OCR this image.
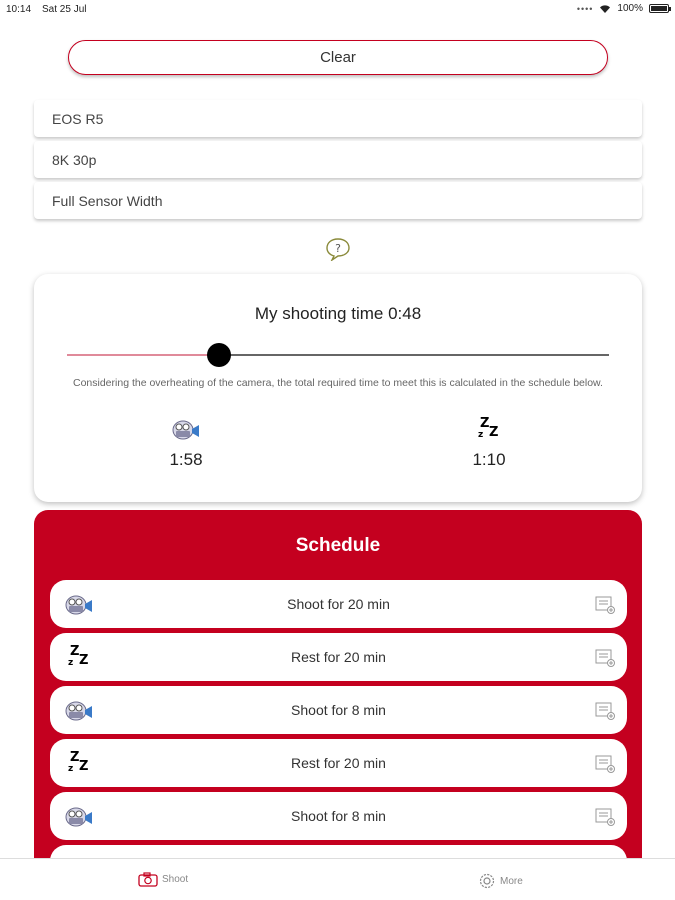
10:14 Sat 25 Jul	•••• 100%
Clear
EOS R5
8K 30p
Full Sensor Width
?
My shooting time 0:48
Considering the overheating of the camera, the total required time to meet this is calculated in the schedule below.
1:58
Z
z Z
1:10
Schedule
Shoot for 20 min
Z
z Z	Rest for 20 min
Shoot for 8 min
Z
z Z	Rest for 20 min
Shoot for 8 min
Shoot	More
